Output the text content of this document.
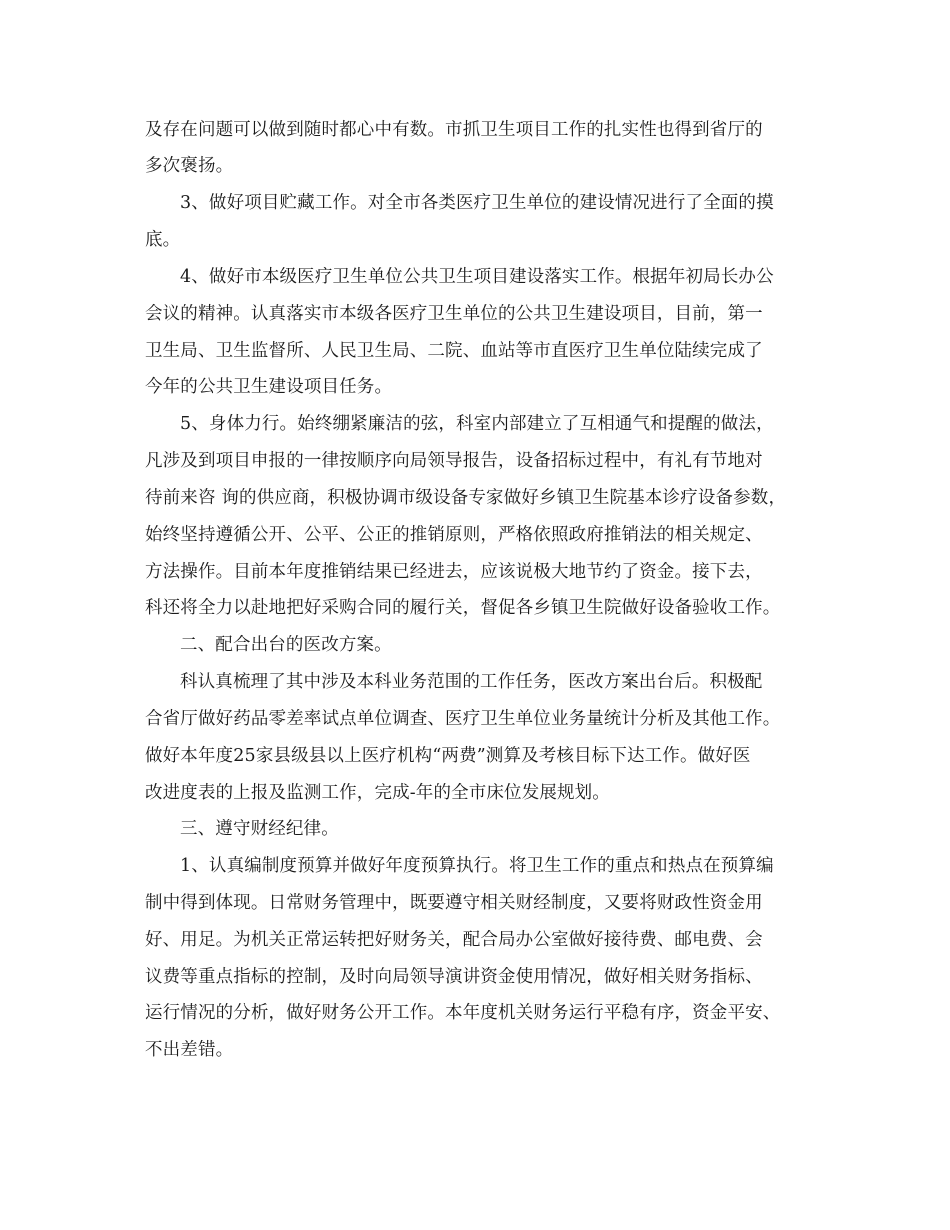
及存在问题可以做到随时都心中有数。市抓卫生项目工作的扎实性也得到省厅的
多次褒扬。
3、做好项目贮藏工作。对全市各类医疗卫生单位的建设情况进行了全面的摸
底。
4、做好市本级医疗卫生单位公共卫生项目建设落实工作。根据年初局长办公
会议的精神。认真落实市本级各医疗卫生单位的公共卫生建设项目，目前，第一
卫生局、卫生监督所、人民卫生局、二院、血站等市直医疗卫生单位陆续完成了
今年的公共卫生建设项目任务。
5、身体力行。始终绷紧廉洁的弦，科室内部建立了互相通气和提醒的做法，
凡涉及到项目申报的一律按顺序向局领导报告，设备招标过程中，有礼有节地对
待前来咨 询的供应商，积极协调市级设备专家做好乡镇卫生院基本诊疗设备参数，
始终坚持遵循公开、公平、公正的推销原则，严格依照政府推销法的相关规定、
方法操作。目前本年度推销结果已经进去，应该说极大地节约了资金。接下去，
科还将全力以赴地把好采购合同的履行关，督促各乡镇卫生院做好设备验收工作。
二、配合出台的医改方案。
科认真梳理了其中涉及本科业务范围的工作任务，医改方案出台后。积极配
合省厅做好药品零差率试点单位调查、医疗卫生单位业务量统计分析及其他工作。
做好本年度25家县级县以上医疗机构“两费”测算及考核目标下达工作。做好医
改进度表的上报及监测工作，完成-年的全市床位发展规划。
三、遵守财经纪律。
1、认真编制度预算并做好年度预算执行。将卫生工作的重点和热点在预算编
制中得到体现。日常财务管理中，既要遵守相关财经制度，又要将财政性资金用
好、用足。为机关正常运转把好财务关，配合局办公室做好接待费、邮电费、会
议费等重点指标的控制，及时向局领导演讲资金使用情况，做好相关财务指标、
运行情况的分析，做好财务公开工作。本年度机关财务运行平稳有序，资金平安、
不出差错。
